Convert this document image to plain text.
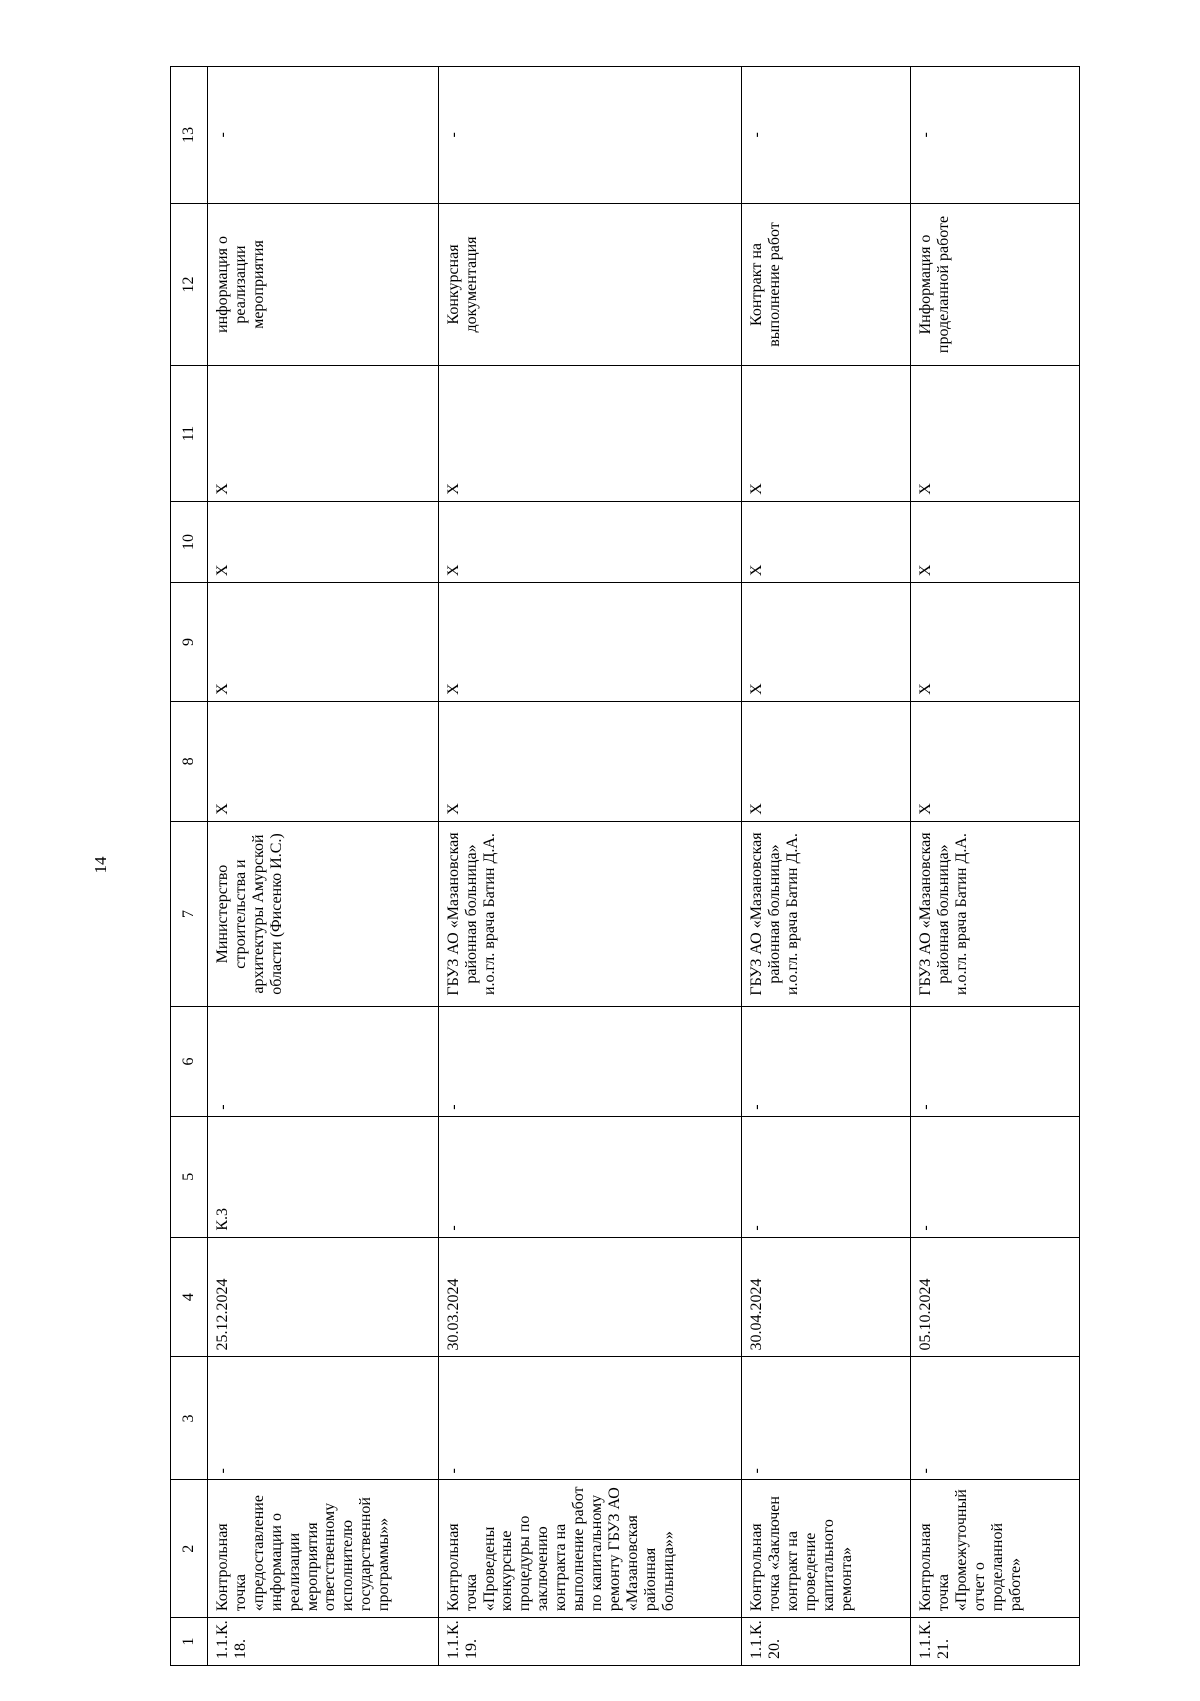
14
1	2	3	4	5	6	7	8	9	10	11	12	13
1.1.К. 18.	Контрольная точка «предоставление информации о реализации мероприятия ответственному исполнителю государственной программы»»	-	25.12.2024	К.3	-	Министерство строительства и архитектуры Амурской области (Фисенко И.С.)	X	X	X	X	информация о реализации мероприятия	-
1.1.К. 19.	Контрольная точка «Проведены конкурсные процедуры по заключению контракта на выполнение работ по капитальному ремонту ГБУЗ АО «Мазановская районная больница»»	-	30.03.2024	-	-	ГБУЗ АО «Мазановская районная больница» и.о.гл. врача Батин Д.А.	X	X	X	X	Конкурсная документация	-
1.1.К. 20.	Контрольная точка «Заключен контракт на проведение капитального ремонта»	-	30.04.2024	-	-	ГБУЗ АО «Мазановская районная больница» и.о.гл. врача Батин Д.А.	X	X	X	X	Контракт на выполнение работ	-
1.1.К. 21.	Контрольная точка «Промежуточный отчет о проделанной работе»	-	05.10.2024	-	-	ГБУЗ АО «Мазановская районная больница» и.о.гл. врача Батин Д.А.	X	X	X	X	Информация о проделанной работе	-
